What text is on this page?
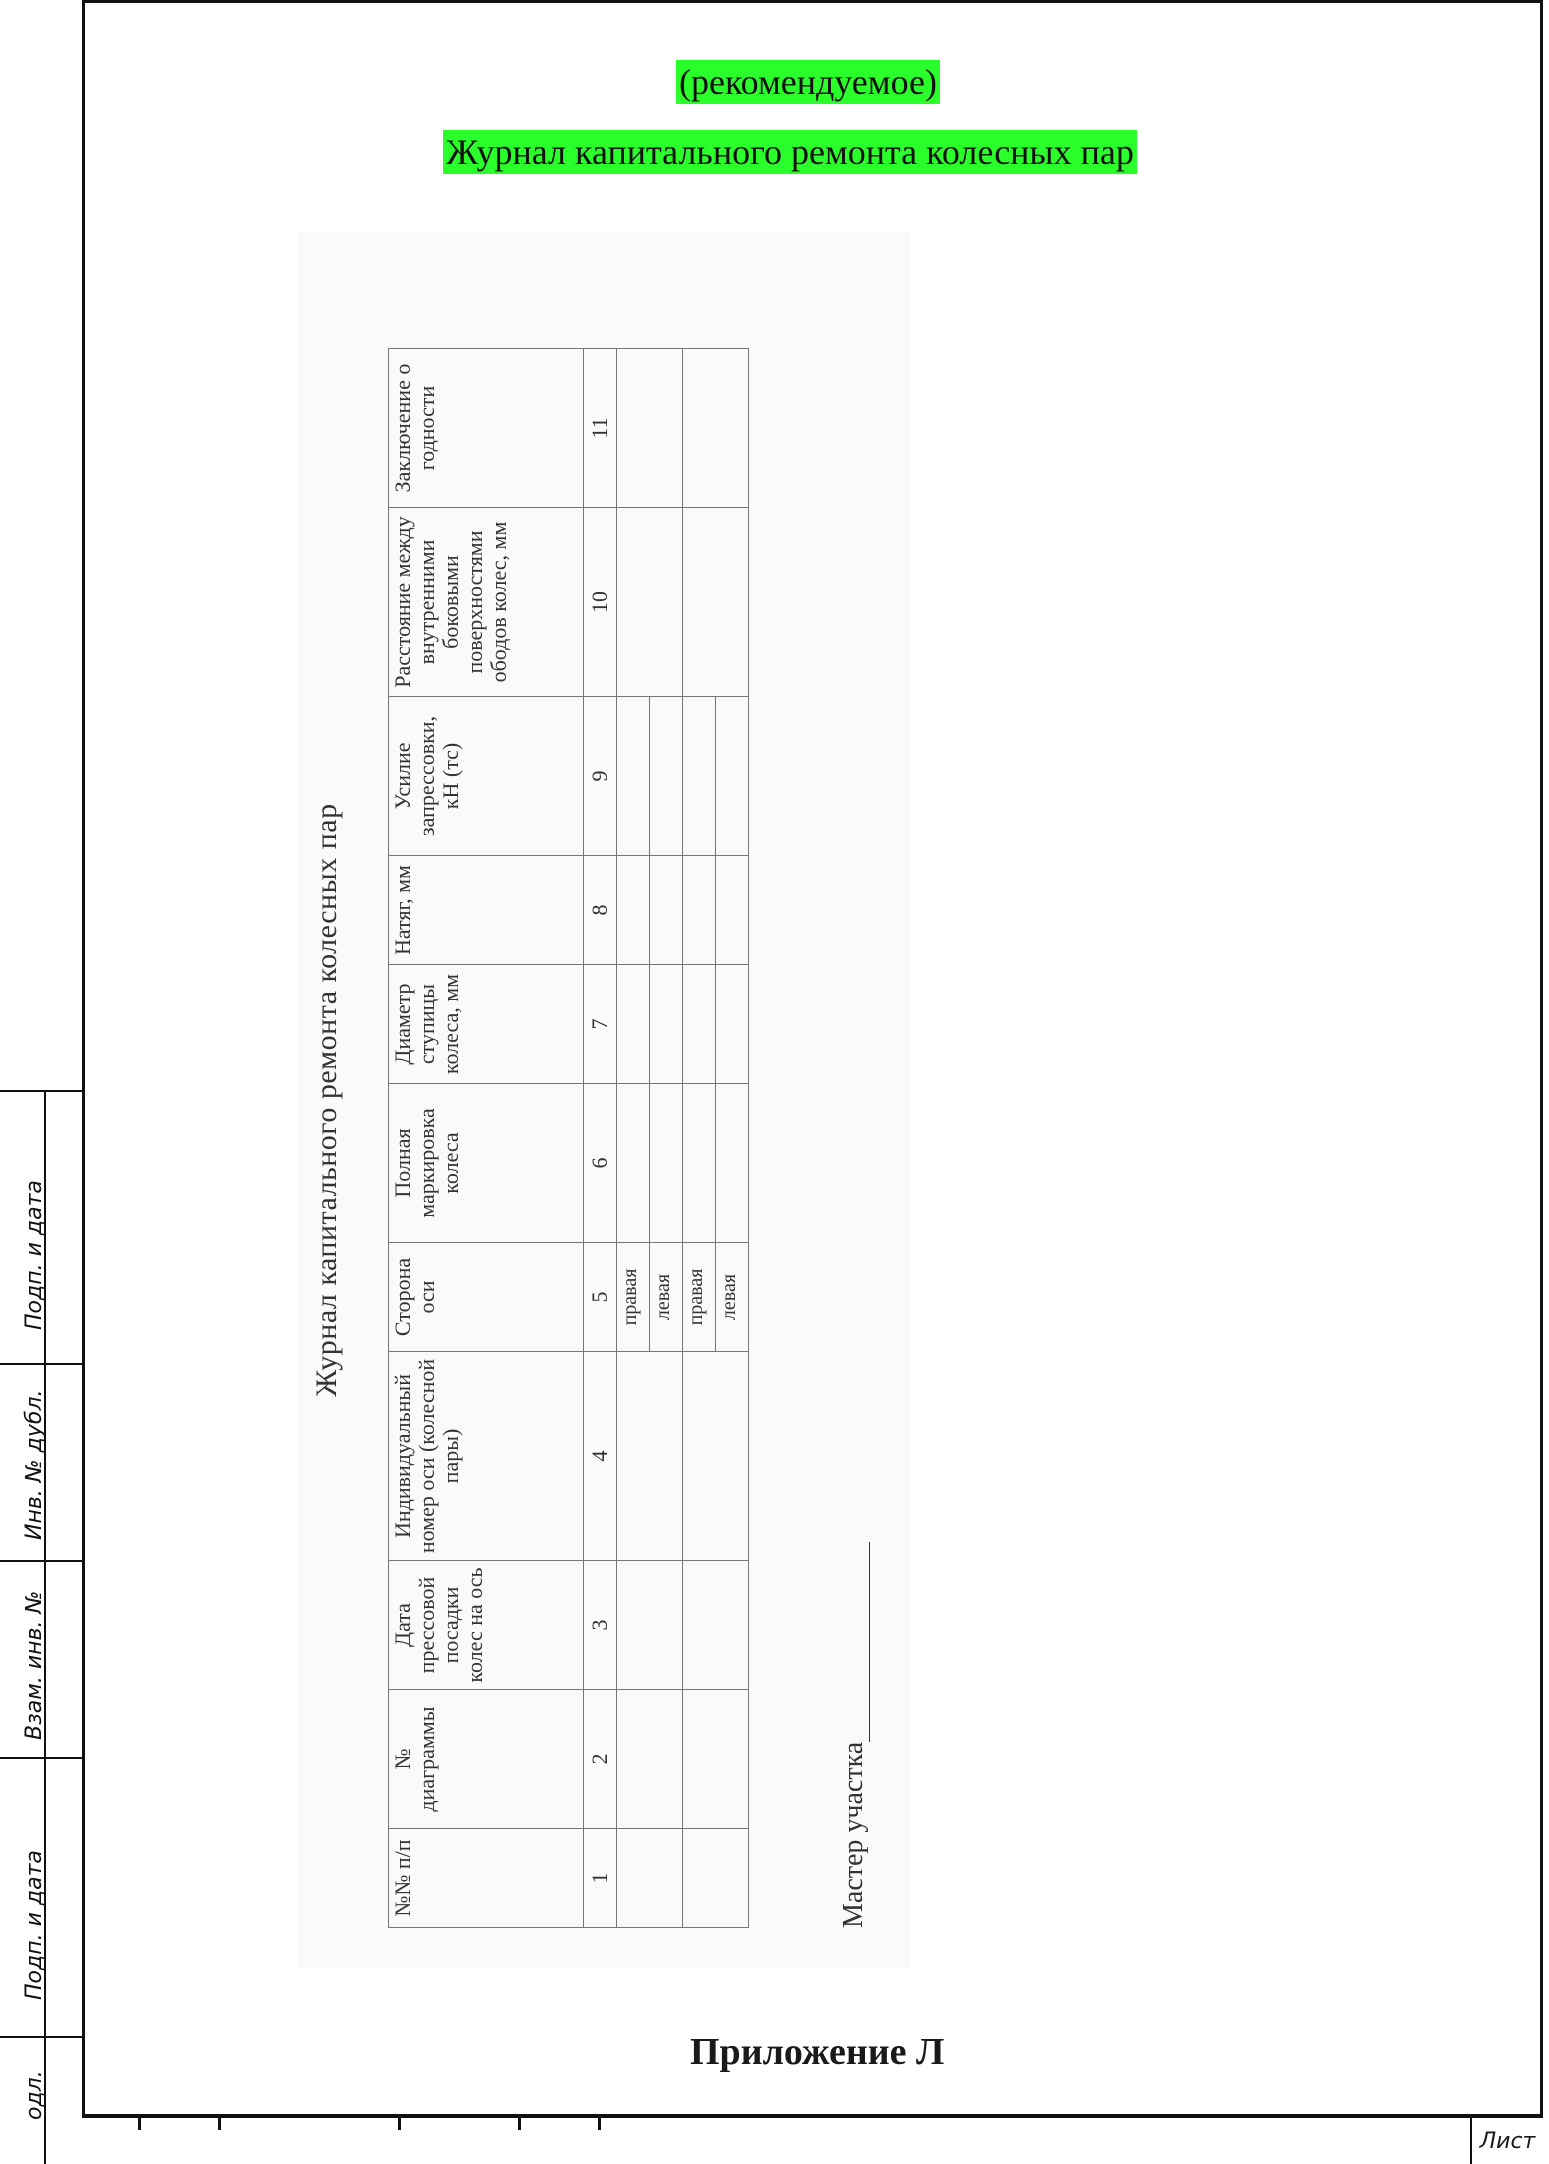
(рекомендуемое)
Журнал капитального ремонта колесных пар
Журнал капитального ремонта колесных пар
№№ п/п	№ диаграммы	Дата прессовой посадки колес на ось	Индивидуальный номер оси (колесной пары)	Сторона оси	Полная маркировка колеса	Диаметр ступицы колеса, мм	Натяг, мм	Усилие запрессовки, кН (тс)	Расстояние между внутренними боковыми поверхностями ободов колес, мм	Заключение о годности
1	2	3	4	5	6	7	8	9	10	11
				правая						
				левая						
				правая						
				левая						
Мастер участка
Приложение Л
Подп. и дата
Инв. № дубл.
Взам. инв. №
Подп. и дата
одл.
Лист
